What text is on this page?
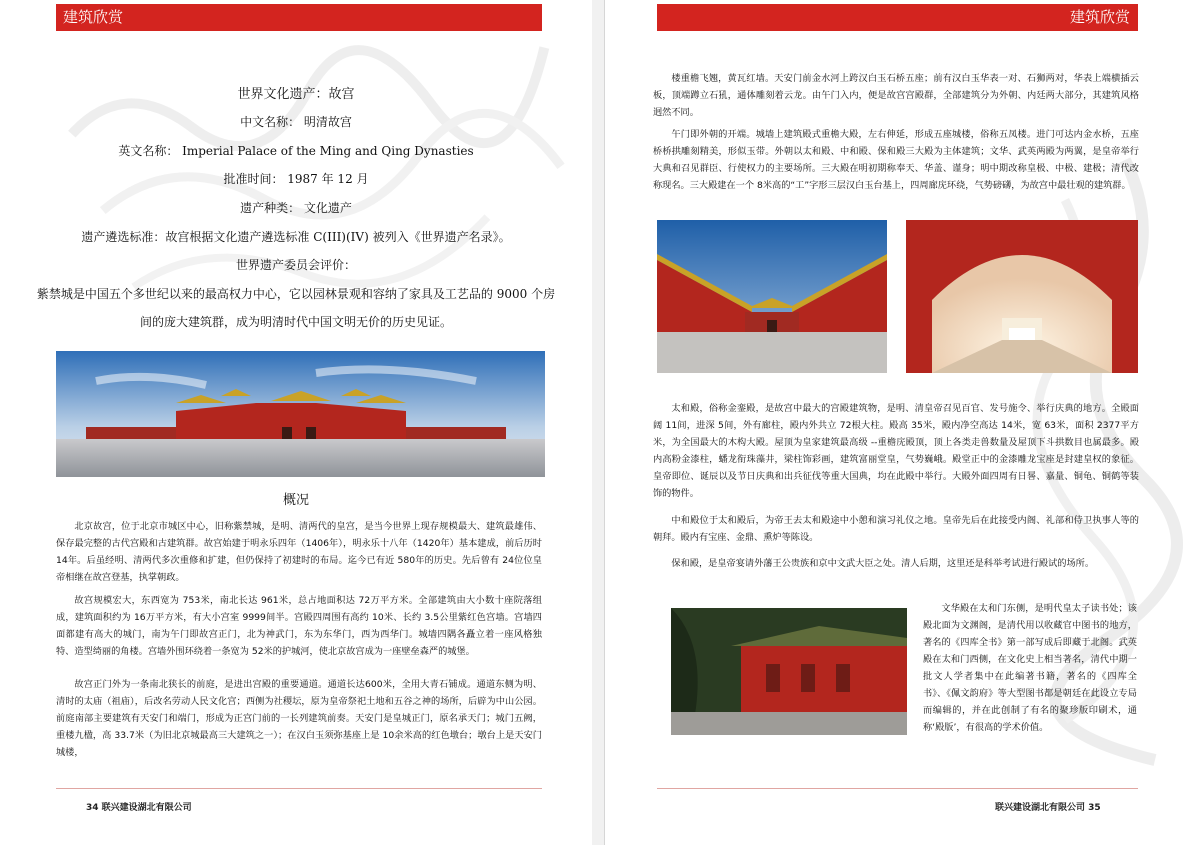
建筑欣赏
世界文化遗产：故宫
中文名称： 明清故宫
英文名称： Imperial Palace of the Ming and Qing Dynasties
批准时间： 1987 年 12 月
遗产种类： 文化遗产
遗产遴选标准：故宫根据文化遗产遴选标准 C(III)(IV) 被列入《世界遗产名录》。
世界遗产委员会评价：
紫禁城是中国五个多世纪以来的最高权力中心，它以园林景观和容纳了家具及工艺品的 9000 个房
间的庞大建筑群，成为明清时代中国文明无价的历史见证。
概况

北京故宫，位于北京市城区中心，旧称紫禁城，是明、清两代的皇宫，是当今世界上现存规模最大、建筑最雄伟、保存最完整的古代宫殿和古建筑群。故宫始建于明永乐四年（1406年），明永乐十八年（1420年）基本建成，前后历时 14年。后虽经明、清两代多次重修和扩建，但仍保持了初建时的布局。迄今已有近 580年的历史。先后曾有 24位位皇帝相继在故宫登基，执掌朝政。

故宫规模宏大，东西宽为 753米，南北长达 961米，总占地面积达 72万平方米。全部建筑由大小数十座院落组成，建筑面积约为 16万平方米，有大小宫室 9999间半。宫殿四周围有高约 10米、长约 3.5公里紫红色宫墙。宫墙四面都建有高大的城门，南为午门即故宫正门，北为神武门，东为东华门，西为西华门。城墙四隅各矗立着一座风格独特、造型绮丽的角楼。宫墙外围环绕着一条宽为 52米的护城河，使北京故宫成为一座壁垒森严的城堡。

故宫正门外为一条南北狭长的前庭，是进出宫殿的重要通道。通道长达600米，全用大青石铺成。通道东侧为明、清时的太庙（祖庙），后改名劳动人民文化宫；西侧为社稷坛，原为皇帝祭祀土地和五谷之神的场所，后辟为中山公园。前庭南部主要建筑有天安门和端门，形成为正宫门前的一长列建筑前奏。天安门是皇城正门，原名承天门；城门五阙，重楼九楹，高 33.7米（为旧北京城最高三大建筑之一）；在汉白玉须弥基座上是 10余米高的红色墩台；墩台上是天安门城楼，

34 联兴建设湖北有限公司
建筑欣赏

楼重檐飞翘，黄瓦红墙。天安门前金水河上跨汉白玉石桥五座；前有汉白玉华表一对、石狮两对，华表上端横插云板，顶端蹲立石犼，通体雕刻着云龙。由午门入内，便是故宫宫殿群，全部建筑分为外朝、内廷两大部分，其建筑风格迥然不同。

午门即外朝的开端。城墙上建筑殿式重檐大殿，左右伸延，形成五座城楼，俗称五凤楼。进门可达内金水桥，五座桥桥拱雕刻精美，形似玉带。外朝以太和殿、中和殿、保和殿三大殿为主体建筑；文华、武英两殿为两翼，是皇帝举行大典和召见群臣、行使权力的主要场所。三大殿在明初期称奉天、华盖、谨身；明中期改称皇极、中极、建极；清代改称现名。三大殿建在一个 8米高的“工”字形三层汉白玉台基上，四周廊庑环绕，气势磅礴，为故宫中最壮观的建筑群。

太和殿，俗称金銮殿，是故宫中最大的宫殿建筑物，是明、清皇帝召见百官、发号施令、举行庆典的地方。全殿面阔 11间，进深 5间，外有廊柱，殿内外共立 72根大柱。殿高 35米，殿内净空高达 14米，宽 63米，面积 2377平方米，为全国最大的木构大殿。屋顶为皇家建筑最高级 --重檐庑殿顶，顶上各类走兽数量及屋顶下斗拱数目也属最多。殿内高粉金漆柱，蟠龙衔珠藻井，梁柱饰彩画，建筑富丽堂皇，气势巍峨。殿堂正中的金漆雕龙宝座是封建皇权的象征。皇帝即位、诞辰以及节日庆典和出兵征伐等重大国典，均在此殿中举行。大殿外面四周有日晷、嘉量、铜龟、铜鹤等装饰的物件。

中和殿位于太和殿后，为帝王去太和殿途中小憩和演习礼仪之地。皇帝先后在此接受内阁、礼部和侍卫执事人等的朝拜。殿内有宝座、金鼎、熏炉等陈设。

保和殿，是皇帝宴请外藩王公贵族和京中文武大臣之处。清人后期，这里还是科举考试进行殿试的场所。

文华殿在太和门东侧，是明代皇太子读书处；该殿北面为文渊阁，是清代用以收藏官中图书的地方，著名的《四库全书》第一部写成后即藏于北阁。武英殿在太和门西侧，在文化史上相当著名，清代中期一批文人学者集中在此编著书籍，著名的《四库全书》、《佩文韵府》等大型图书都是朝廷在此设立专局而编辑的，并在此创制了有名的聚珍版印刷术，通称‘殿版’，有很高的学术价值。

联兴建设湖北有限公司 35
